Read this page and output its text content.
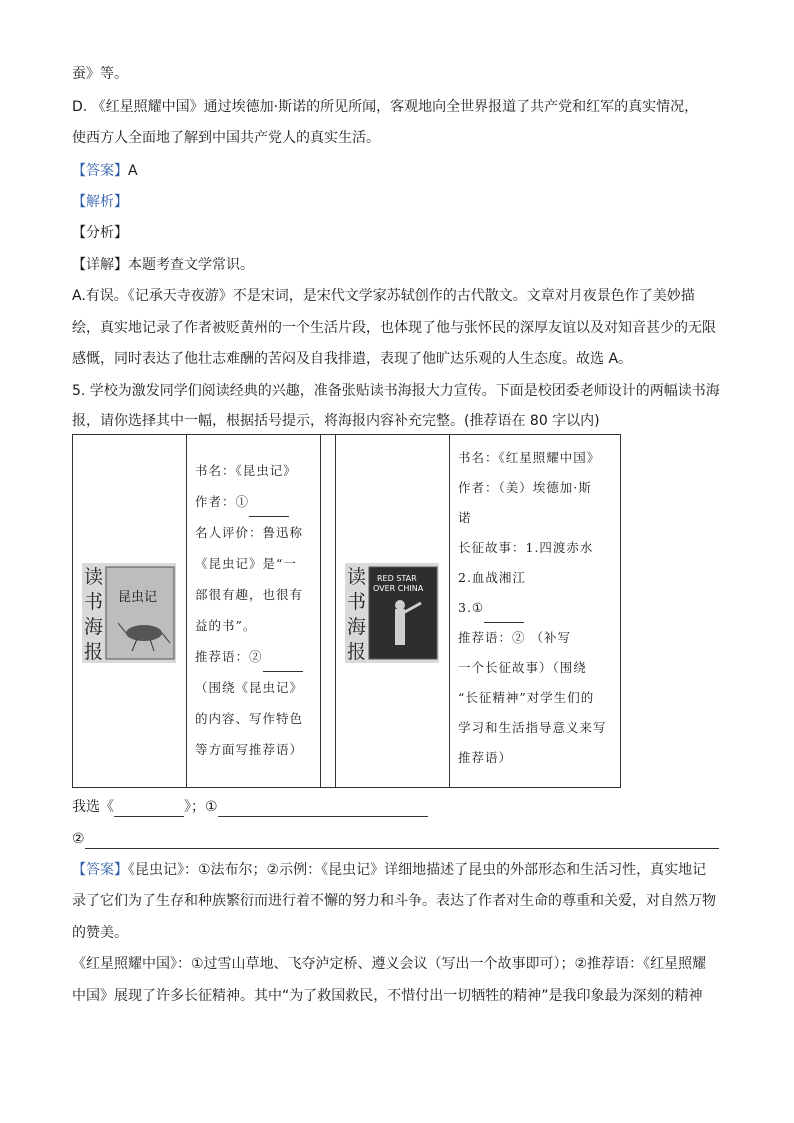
蚕》等。
D. 《红星照耀中国》通过埃德加·斯诺的所见所闻，客观地向全世界报道了共产党和红军的真实情况，
使西方人全面地了解到中国共产党人的真实生活。
【答案】A
【解析】
【分析】
【详解】本题考查文学常识。
A.有误。《记承天寺夜游》不是宋词，是宋代文学家苏轼创作的古代散文。文章对月夜景色作了美妙描
绘，真实地记录了作者被贬黄州的一个生活片段，也体现了他与张怀民的深厚友谊以及对知音甚少的无限
感慨，同时表达了他壮志难酬的苦闷及自我排遣，表现了他旷达乐观的人生态度。故选 A。
5. 学校为激发同学们阅读经典的兴趣，准备张贴读书海报大力宣传。下面是校团委老师设计的两幅读书海
报，请你选择其中一幅，根据括号提示，将海报内容补充完整。(推荐语在 80 字以内)
读
书
海
报
昆虫记

书名：《昆虫记》
作者：①
名人评价：鲁迅称
《昆虫记》是“一
部很有趣，也很有
益的书”。
推荐语：②
（围绕《昆虫记》
的内容、写作特色
等方面写推荐语）

读
书
海
报
RED STAR
OVER CHINA

书名：《红星照耀中国》
作者：（美）埃德加·斯
诺
长征故事：1.四渡赤水
2.血战湘江
3.①
推荐语：② （补写
一个长征故事）（围绕
“长征精神”对学生们的
学习和生活指导意义来写
推荐语）
我选《	》；①
②
【答案】《昆虫记》：①法布尔；②示例：《昆虫记》详细地描述了昆虫的外部形态和生活习性，真实地记
录了它们为了生存和种族繁衍而进行着不懈的努力和斗争。表达了作者对生命的尊重和关爱，对自然万物
的赞美。
《红星照耀中国》：①过雪山草地、飞夺泸定桥、遵义会议（写出一个故事即可）；②推荐语：《红星照耀
中国》展现了许多长征精神。其中“为了救国救民，不惜付出一切牺牲的精神”是我印象最为深刻的精神
